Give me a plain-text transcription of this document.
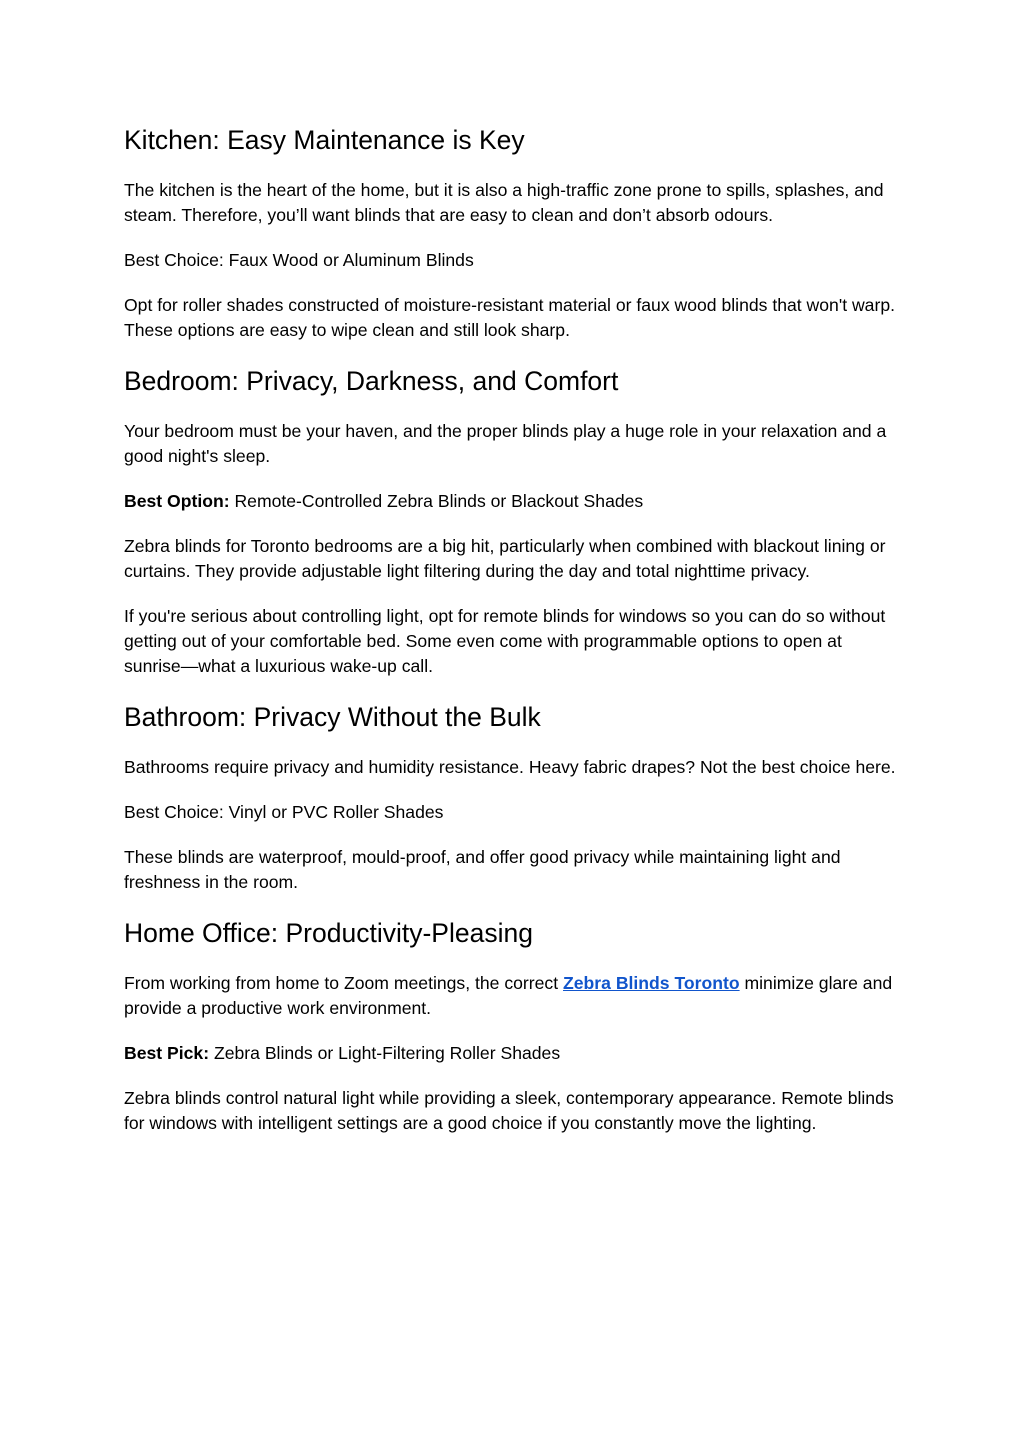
Kitchen: Easy Maintenance is Key

The kitchen is the heart of the home, but it is also a high-traffic zone prone to spills, splashes, and steam. Therefore, you’ll want blinds that are easy to clean and don’t absorb odours.

Best Choice: Faux Wood or Aluminum Blinds

Opt for roller shades constructed of moisture-resistant material or faux wood blinds that won't warp. These options are easy to wipe clean and still look sharp.

Bedroom: Privacy, Darkness, and Comfort

Your bedroom must be your haven, and the proper blinds play a huge role in your relaxation and a good night's sleep.

Best Option: Remote-Controlled Zebra Blinds or Blackout Shades

Zebra blinds for Toronto bedrooms are a big hit, particularly when combined with blackout lining or curtains. They provide adjustable light filtering during the day and total nighttime privacy.

If you're serious about controlling light, opt for remote blinds for windows so you can do so without getting out of your comfortable bed. Some even come with programmable options to open at sunrise—what a luxurious wake-up call.

Bathroom: Privacy Without the Bulk

Bathrooms require privacy and humidity resistance. Heavy fabric drapes? Not the best choice here.

Best Choice: Vinyl or PVC Roller Shades

These blinds are waterproof, mould-proof, and offer good privacy while maintaining light and freshness in the room.

Home Office: Productivity-Pleasing

From working from home to Zoom meetings, the correct Zebra Blinds Toronto minimize glare and provide a productive work environment.

Best Pick: Zebra Blinds or Light-Filtering Roller Shades

Zebra blinds control natural light while providing a sleek, contemporary appearance. Remote blinds for windows with intelligent settings are a good choice if you constantly move the lighting.
